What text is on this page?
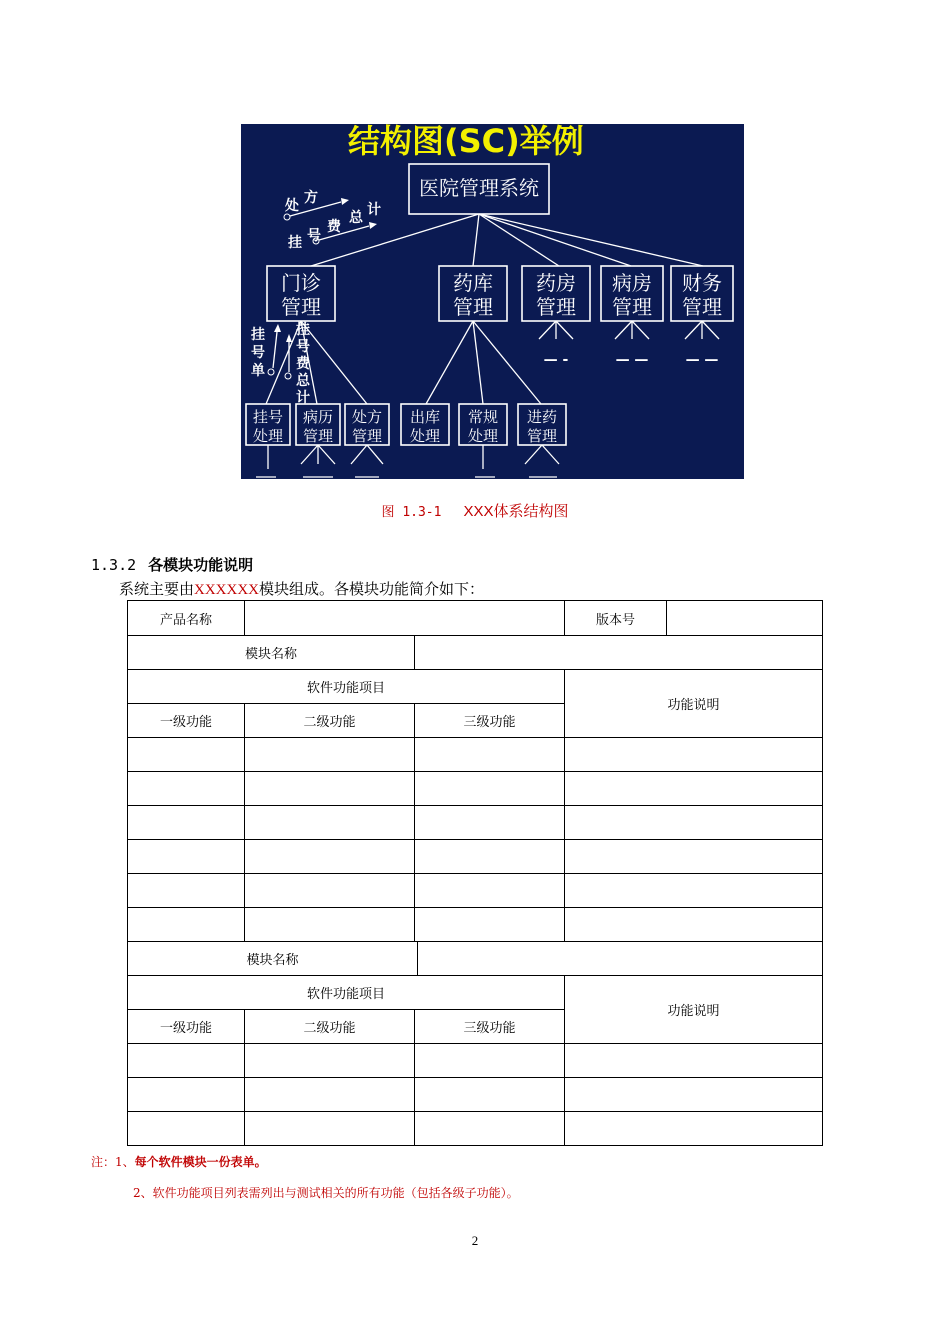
结构图(SC)举例
医院管理系统
处 方
挂 号
费
总 计
门诊
管理
药库
管理
药房
管理
病房
管理
财务
管理
— -	— —	— —
挂
号
单
挂
号
费
总
计
挂号
处理
病历
管理
处方
管理
出库
处理
常规
处理
进药
管理
图 1.3-1 XXX体系结构图
1.3.2 各模块功能说明
系统主要由XXXXXX模块组成。各模块功能简介如下：
产品名称				版本号	
模块名称					
软件功能项目				功能说明	
一级功能	二级功能	三级功能			

模块名称					
软件功能项目				功能说明	
一级功能	二级功能	三级功能			

注：1、每个软件模块一份表单。
2、软件功能项目列表需列出与测试相关的所有功能（包括各级子功能）。
2
